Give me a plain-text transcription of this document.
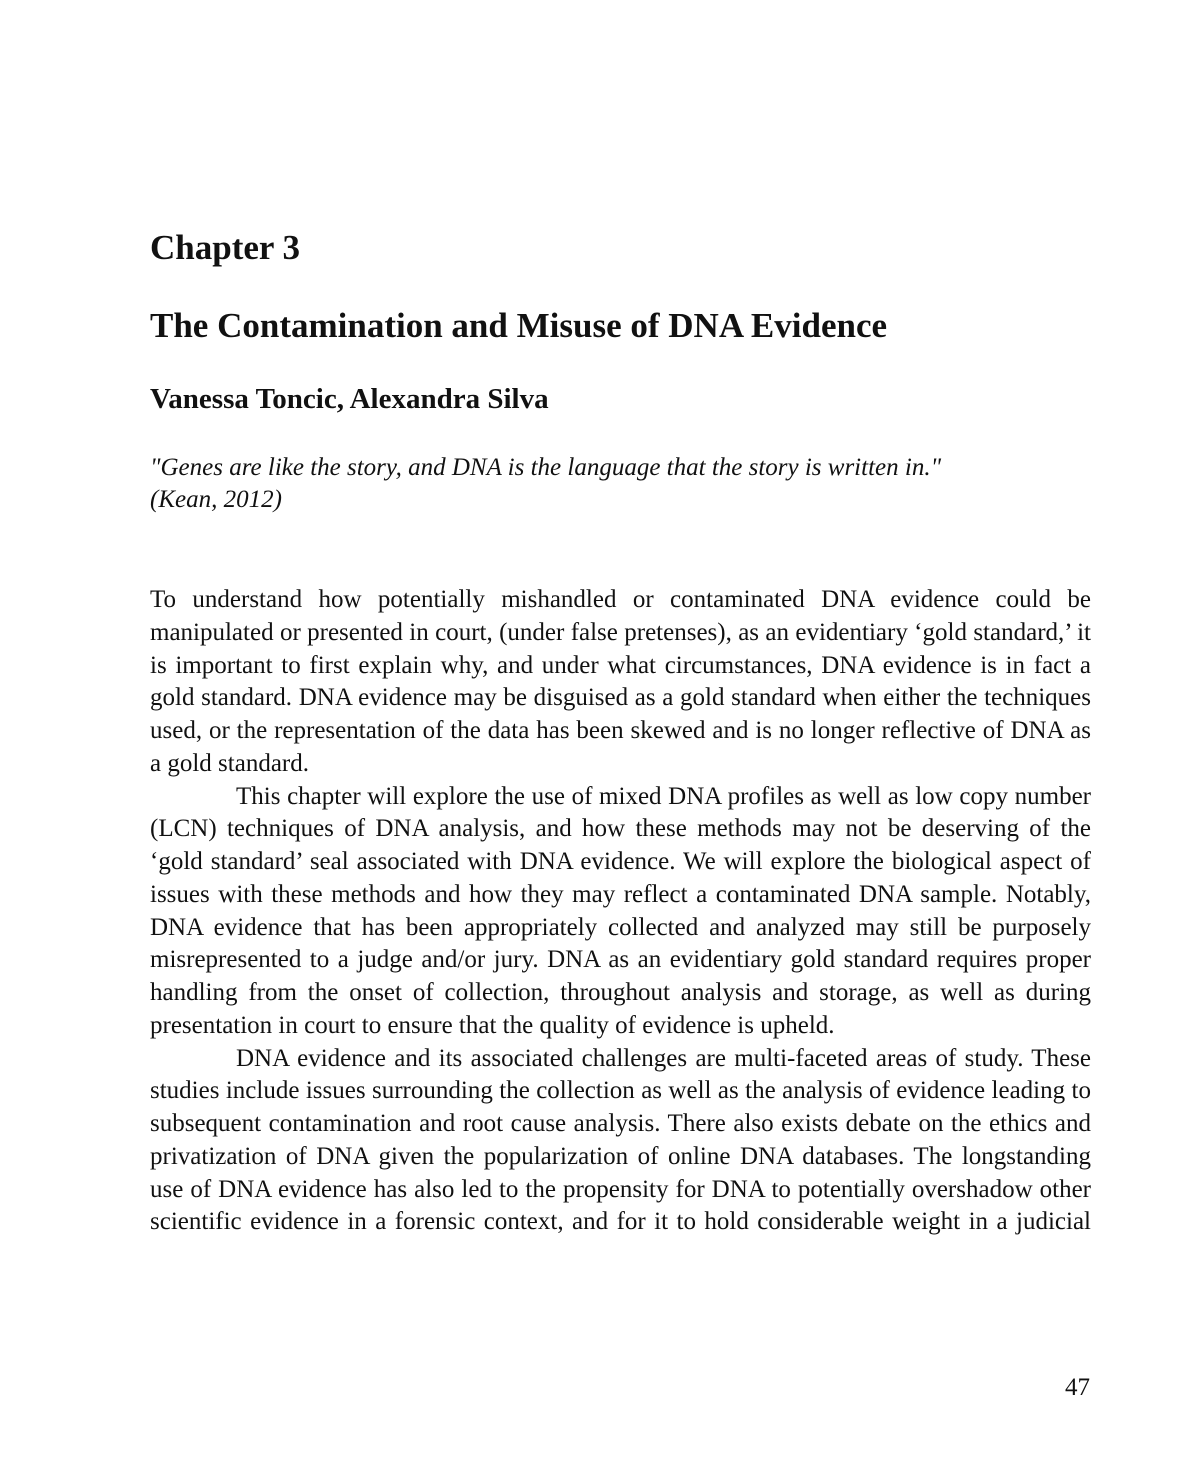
Chapter 3
The Contamination and Misuse of DNA Evidence
Vanessa Toncic, Alexandra Silva
"Genes are like the story, and DNA is the language that the story is written in."
(Kean, 2012)

To understand how potentially mishandled or contaminated DNA evidence could be manipulated or presented in court, (under false pretenses), as an evidentiary ‘gold standard,’ it is important to first explain why, and under what circumstances, DNA evidence is in fact a gold standard. DNA evidence may be disguised as a gold standard when either the techniques used, or the representation of the data has been skewed and is no longer reflective of DNA as a gold standard.

This chapter will explore the use of mixed DNA profiles as well as low copy number (LCN) techniques of DNA analysis, and how these methods may not be deserving of the ‘gold standard’ seal associated with DNA evidence. We will explore the biological aspect of issues with these methods and how they may reflect a contaminated DNA sample. Notably, DNA evidence that has been appropriately collected and analyzed may still be purposely misrepresented to a judge and/or jury. DNA as an evidentiary gold standard requires proper handling from the onset of collection, throughout analysis and storage, as well as during presentation in court to ensure that the quality of evidence is upheld.

DNA evidence and its associated challenges are multi-faceted areas of study. These studies include issues surrounding the collection as well as the analysis of evidence leading to subsequent contamination and root cause analysis. There also exists debate on the ethics and privatization of DNA given the popularization of online DNA databases. The longstanding use of DNA evidence has also led to the propensity for DNA to potentially overshadow other scientific evidence in a forensic context, and for it to hold considerable weight in a judicial

47
